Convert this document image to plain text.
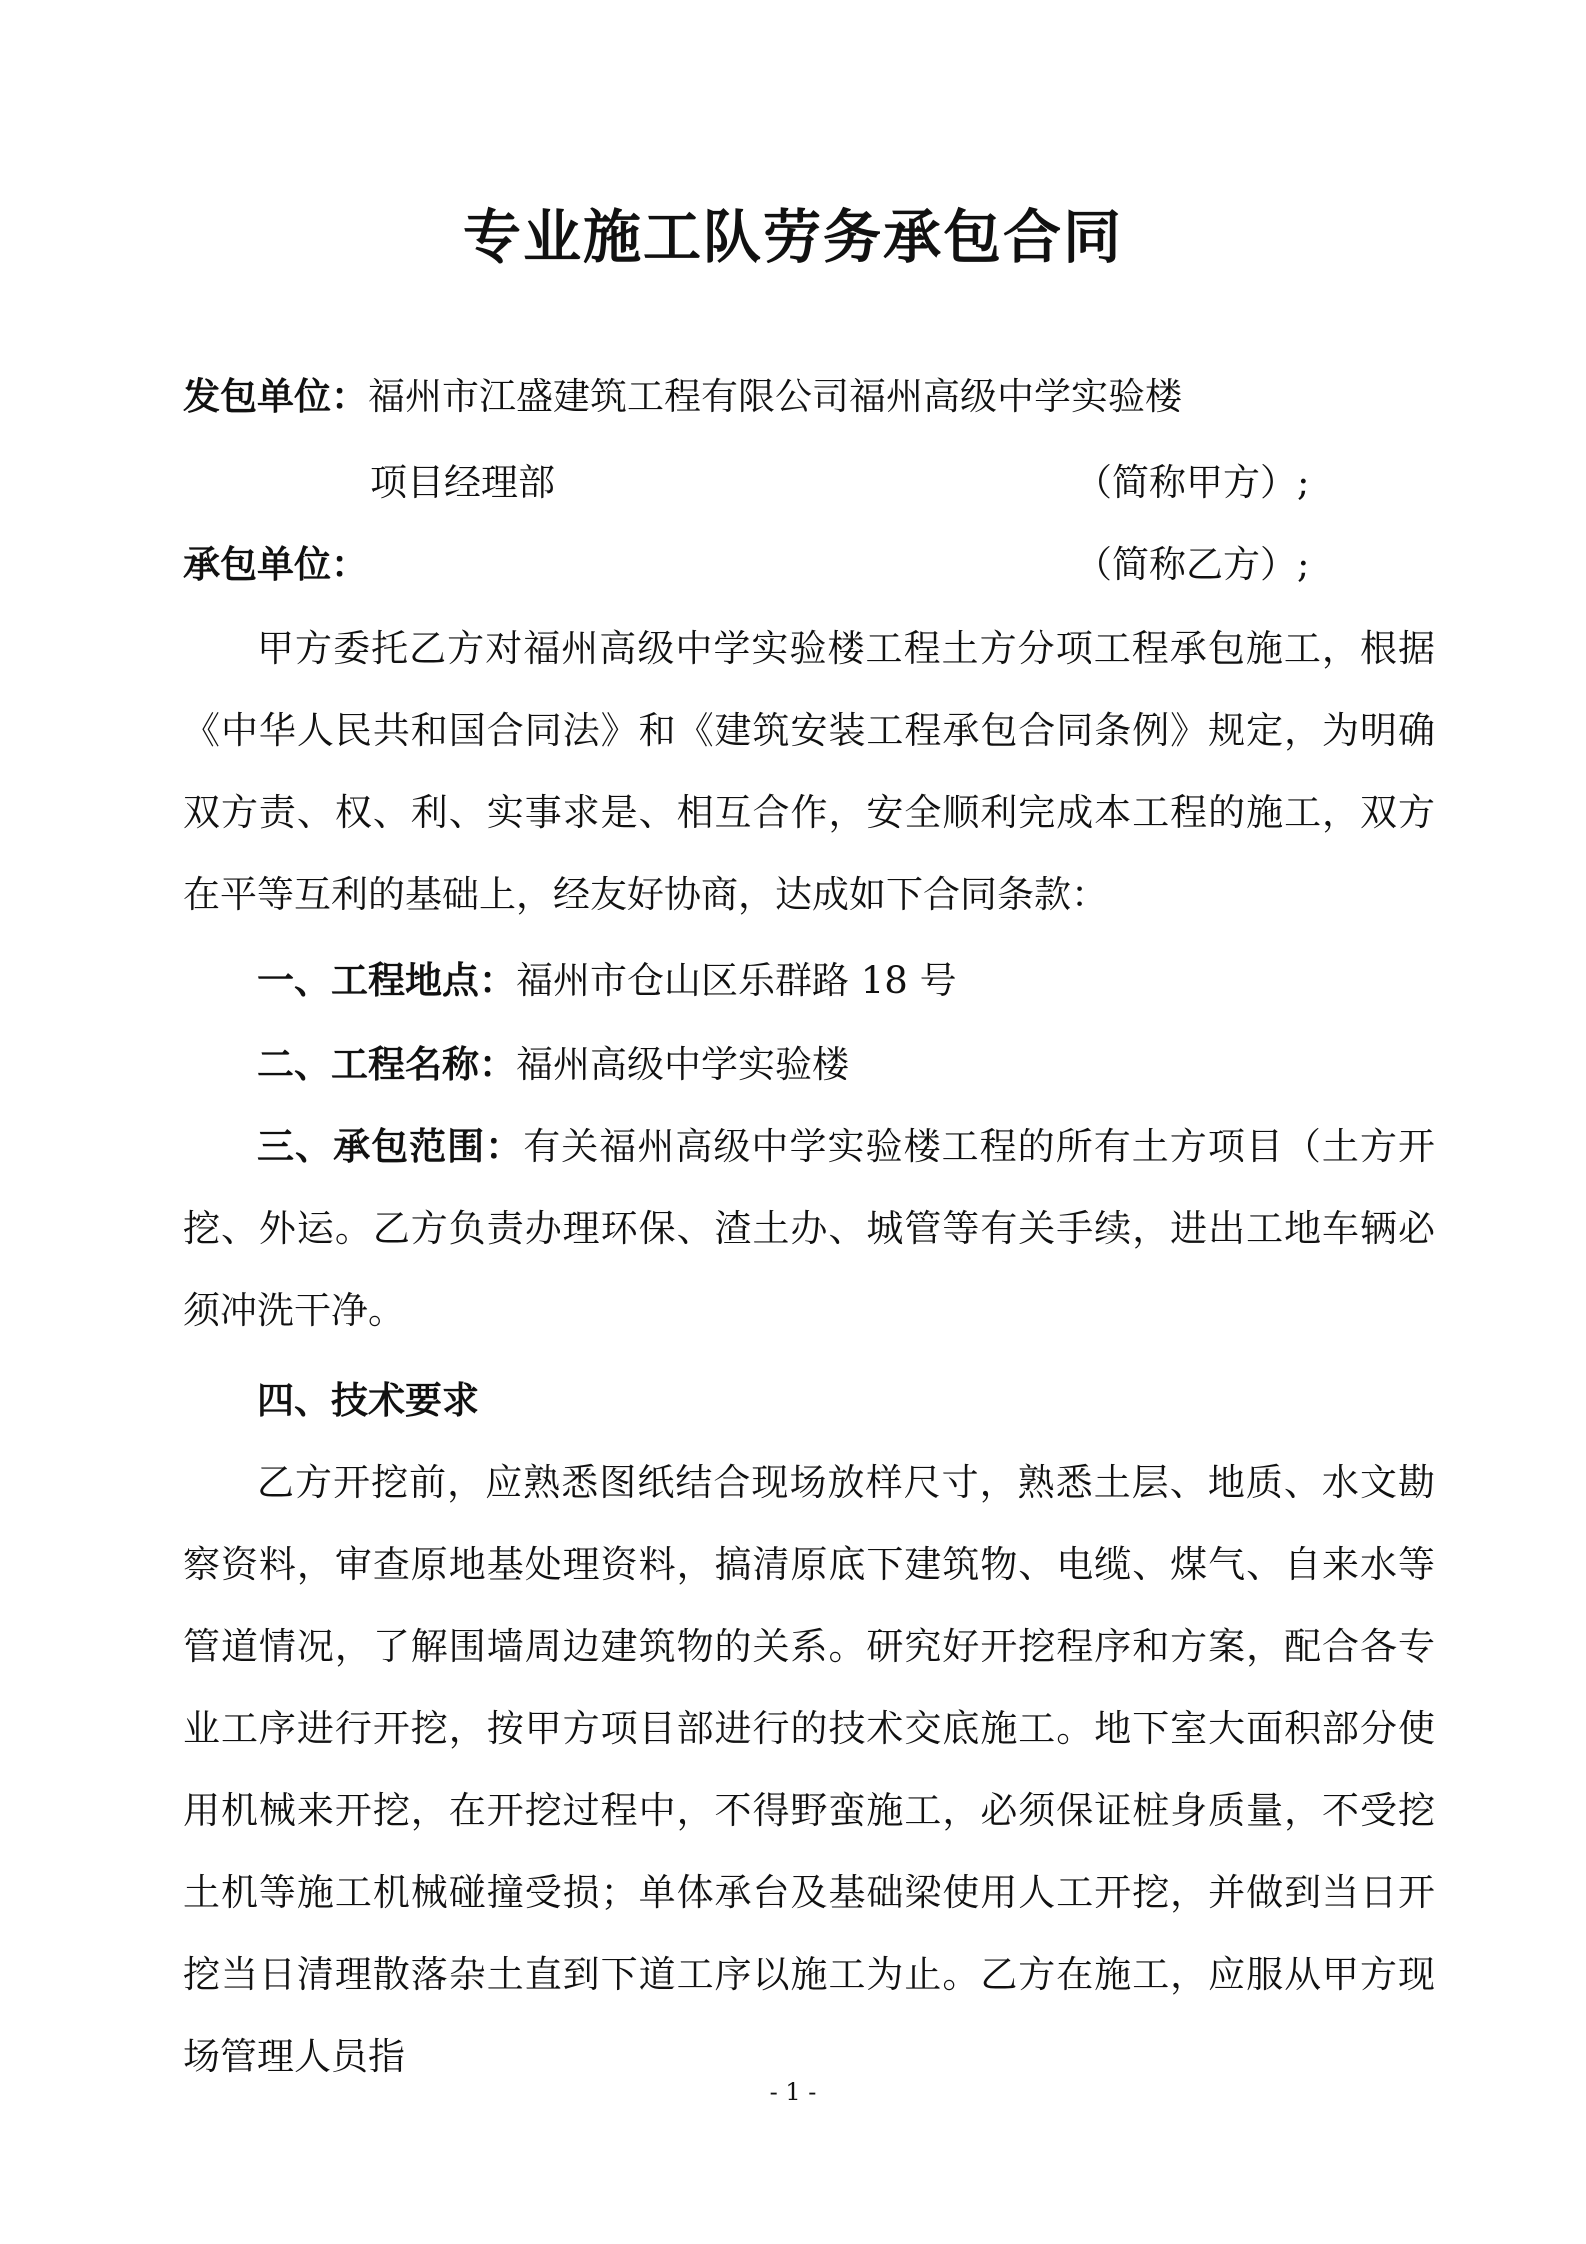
专业施工队劳务承包合同
发包单位：福州市江盛建筑工程有限公司福州高级中学实验楼
项目经理部	（简称甲方）;
承包单位：	（简称乙方）;

甲方委托乙方对福州高级中学实验楼工程土方分项工程承包施工，根据《中华人民共和国合同法》和《建筑安装工程承包合同条例》规定，为明确双方责、权、利、实事求是、相互合作，安全顺利完成本工程的施工，双方在平等互利的基础上，经友好协商，达成如下合同条款：

一、工程地点：福州市仓山区乐群路 18 号
二、工程名称：福州高级中学实验楼

三、承包范围：有关福州高级中学实验楼工程的所有土方项目（土方开挖、外运。乙方负责办理环保、渣土办、城管等有关手续，进出工地车辆必须冲洗干净。

四、技术要求

乙方开挖前，应熟悉图纸结合现场放样尺寸，熟悉土层、地质、水文勘察资料，审查原地基处理资料，搞清原底下建筑物、电缆、煤气、自来水等管道情况，了解围墙周边建筑物的关系。研究好开挖程序和方案，配合各专业工序进行开挖，按甲方项目部进行的技术交底施工。地下室大面积部分使用机械来开挖，在开挖过程中，不得野蛮施工，必须保证桩身质量，不受挖土机等施工机械碰撞受损；单体承台及基础梁使用人工开挖，并做到当日开挖当日清理散落杂土直到下道工序以施工为止。乙方在施工，应服从甲方现场管理人员指

- 1 -
